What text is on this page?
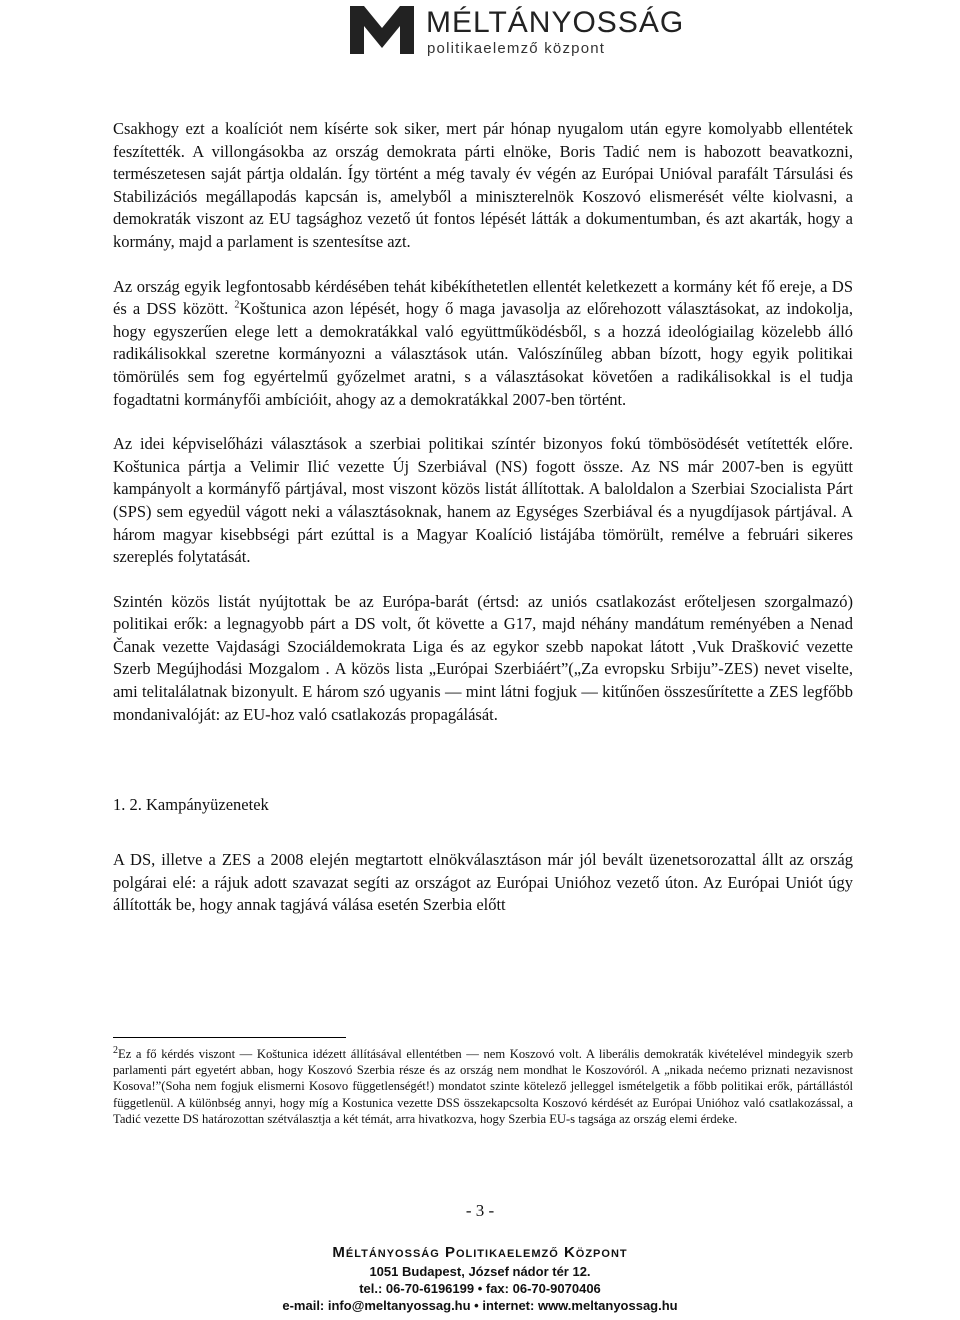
MÉLTÁNYOSSÁG
politikaelemző központ

Csakhogy ezt a koalíciót nem kísérte sok siker, mert pár hónap nyugalom után egyre komolyabb ellentétek feszítették. A villongásokba az ország demokrata párti elnöke, Boris Tadić nem is habozott beavatkozni, természetesen saját pártja oldalán. Így történt a még tavaly év végén az Európai Unióval parafált Társulási és Stabilizációs megállapodás kapcsán is, amelyből a miniszterelnök Koszovó elismerését vélte kiolvasni, a demokraták viszont az EU tagsághoz vezető út fontos lépését látták a dokumentumban, és azt akarták, hogy a kormány, majd a parlament is szentesítse azt.

Az ország egyik legfontosabb kérdésében tehát kibékíthetetlen ellentét keletkezett a kormány két fő ereje, a DS és a DSS között. $^2$Koštunica azon lépését, hogy ő maga javasolja az előrehozott választásokat, az indokolja, hogy egyszerűen elege lett a demokratákkal való együttműködésből, s a hozzá ideológiailag közelebb álló radikálisokkal szeretne kormányozni a választások után. Valószínűleg abban bízott, hogy egyik politikai tömörülés sem fog egyértelmű győzelmet aratni, s a választásokat követően a radikálisokkal is el tudja fogadtatni kormányfői ambícióit, ahogy az a demokratákkal 2007-ben történt.

Az idei képviselőházi választások a szerbiai politikai színtér bizonyos fokú tömbösödését vetítették előre. Koštunica pártja a Velimir Ilić vezette Új Szerbiával (NS) fogott össze. Az NS már 2007-ben is együtt kampányolt a kormányfő pártjával, most viszont közös listát állítottak. A baloldalon a Szerbiai Szocialista Párt (SPS) sem egyedül vágott neki a választásoknak, hanem az Egységes Szerbiával és a nyugdíjasok pártjával. A három magyar kisebbségi párt ezúttal is a Magyar Koalíció listájába tömörült, remélve a februári sikeres szereplés folytatását.

Szintén közös listát nyújtottak be az Európa-barát (értsd: az uniós csatlakozást erőteljesen szorgalmazó) politikai erők: a legnagyobb párt a DS volt, őt követte a G17, majd néhány mandátum reményében a Nenad Čanak vezette Vajdasági Szociáldemokrata Liga és az egykor szebb napokat látott ‚Vuk Drašković vezette Szerb Megújhodási Mozgalom . A közös lista „Európai Szerbiáért”(„Za evropsku Srbiju”-ZES) nevet viselte, ami telitalálatnak bizonyult. E három szó ugyanis — mint látni fogjuk — kitűnően összesűrítette a ZES legfőbb mondanivalóját: az EU-hoz való csatlakozás propagálását.

1. 2. Kampányüzenetek

A DS, illetve a ZES a 2008 elején megtartott elnökválasztáson már jól bevált üzenetsorozattal állt az ország polgárai elé: a rájuk adott szavazat segíti az országot az Európai Unióhoz vezető úton. Az Európai Uniót úgy állították be, hogy annak tagjává válása esetén Szerbia előtt

$^2$Ez a fő kérdés viszont — Koštunica idézett állításával ellentétben — nem Koszovó volt. A liberális demokraták kivételével mindegyik szerb parlamenti párt egyetért abban, hogy Koszovó Szerbia része és az ország nem mondhat le Koszovóról. A „nikada nećemo priznati nezavisnost Kosova!”(Soha nem fogjuk elismerni Kosovo függetlenségét!) mondatot szinte kötelező jelleggel ismételgetik a főbb politikai erők, pártállástól függetlenül. A különbség annyi, hogy míg a Kostunica vezette DSS összekapcsolta Koszovó kérdését az Európai Unióhoz való csatlakozással, a Tadić vezette DS határozottan szétválasztja a két témát, arra hivatkozva, hogy Szerbia EU-s tagsága az ország elemi érdeke.

- 3 -
Méltányosság Politikaelemző Központ
1051 Budapest, József nádor tér 12.
tel.: 06-70-6196199 • fax: 06-70-9070406
e-mail: info@meltanyossag.hu • internet: www.meltanyossag.hu
